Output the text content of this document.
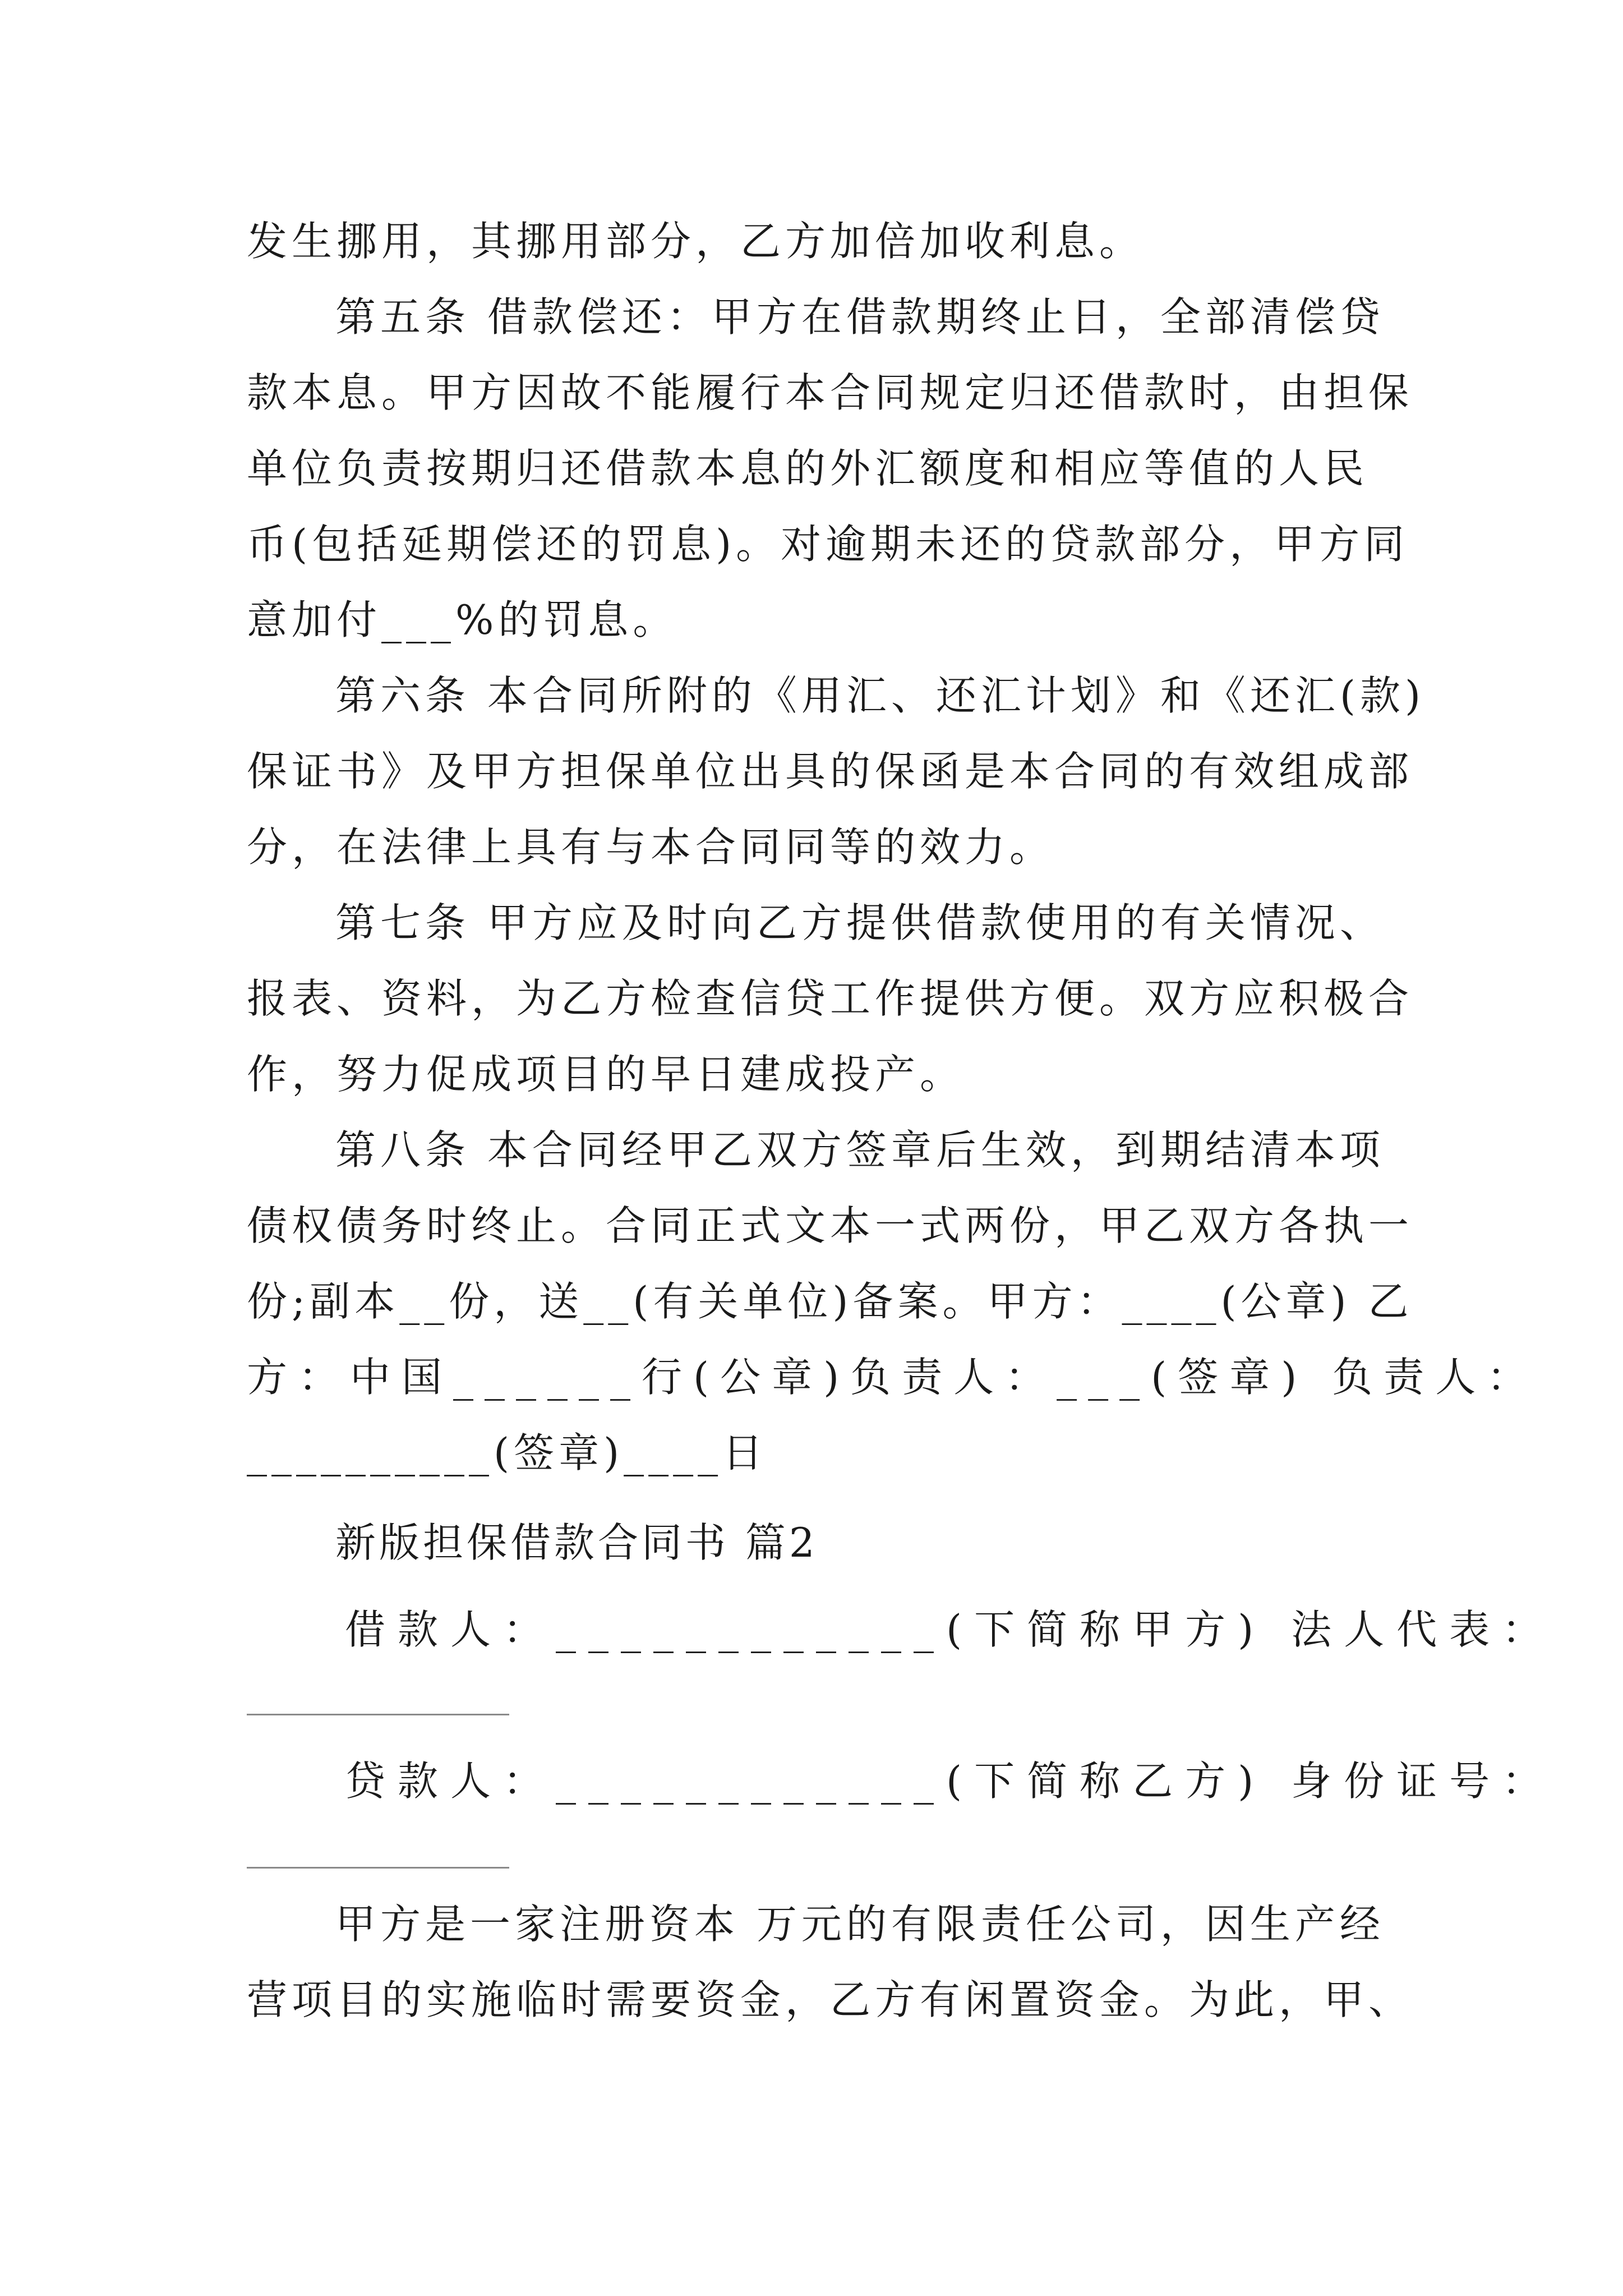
发生挪用，其挪用部分，乙方加倍加收利息。
第五条 借款偿还：甲方在借款期终止日，全部清偿贷
款本息。甲方因故不能履行本合同规定归还借款时，由担保
单位负责按期归还借款本息的外汇额度和相应等值的人民
币(包括延期偿还的罚息)。对逾期未还的贷款部分，甲方同
意加付___%的罚息。
第六条 本合同所附的《用汇、还汇计划》和《还汇(款)
保证书》及甲方担保单位出具的保函是本合同的有效组成部
分，在法律上具有与本合同同等的效力。
第七条 甲方应及时向乙方提供借款使用的有关情况、
报表、资料，为乙方检查信贷工作提供方便。双方应积极合
作，努力促成项目的早日建成投产。
第八条 本合同经甲乙双方签章后生效，到期结清本项
债权债务时终止。合同正式文本一式两份，甲乙双方各执一
份;副本__份，送__(有关单位)备案。甲方：____(公章) 乙
方：中国______行(公章)负责人：___(签章) 负责人：
__________(签章)____日
新版担保借款合同书 篇2
借款人：____________(下简称甲方) 法人代表：
贷款人：____________(下简称乙方) 身份证号：
甲方是一家注册资本 万元的有限责任公司，因生产经
营项目的实施临时需要资金，乙方有闲置资金。为此，甲、
